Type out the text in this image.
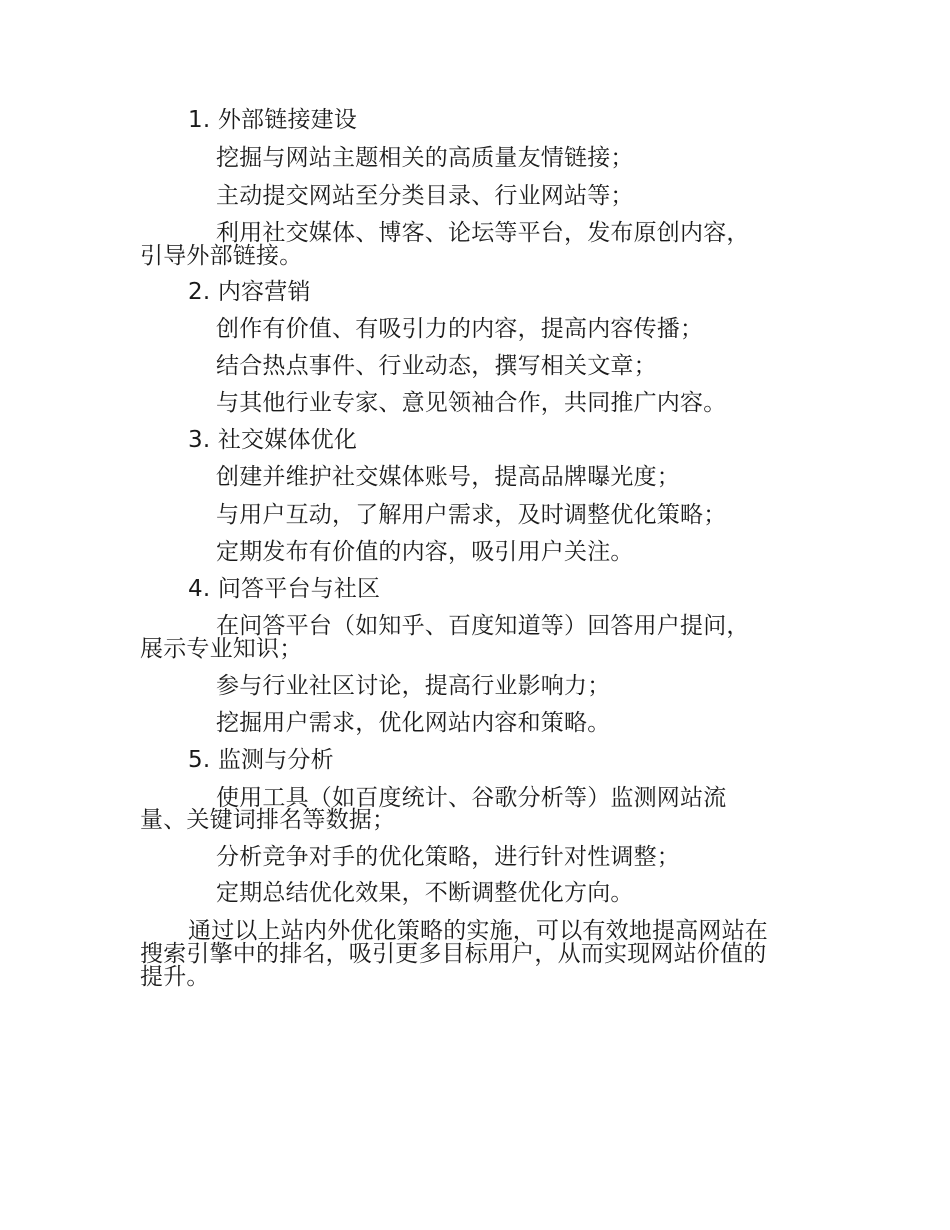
1. 外部链接建设
挖掘与网站主题相关的高质量友情链接；
主动提交网站至分类目录、行业网站等；
利用社交媒体、博客、论坛等平台，发布原创内容，
引导外部链接。
2. 内容营销
创作有价值、有吸引力的内容，提高内容传播；
结合热点事件、行业动态，撰写相关文章；
与其他行业专家、意见领袖合作，共同推广内容。
3. 社交媒体优化
创建并维护社交媒体账号，提高品牌曝光度；
与用户互动，了解用户需求，及时调整优化策略；
定期发布有价值的内容，吸引用户关注。
4. 问答平台与社区
在问答平台（如知乎、百度知道等）回答用户提问，
展示专业知识；
参与行业社区讨论，提高行业影响力；
挖掘用户需求，优化网站内容和策略。
5. 监测与分析
使用工具（如百度统计、谷歌分析等）监测网站流
量、关键词排名等数据；
分析竞争对手的优化策略，进行针对性调整；
定期总结优化效果，不断调整优化方向。
通过以上站内外优化策略的实施，可以有效地提高网站在
搜索引擎中的排名，吸引更多目标用户，从而实现网站价值的
提升。
